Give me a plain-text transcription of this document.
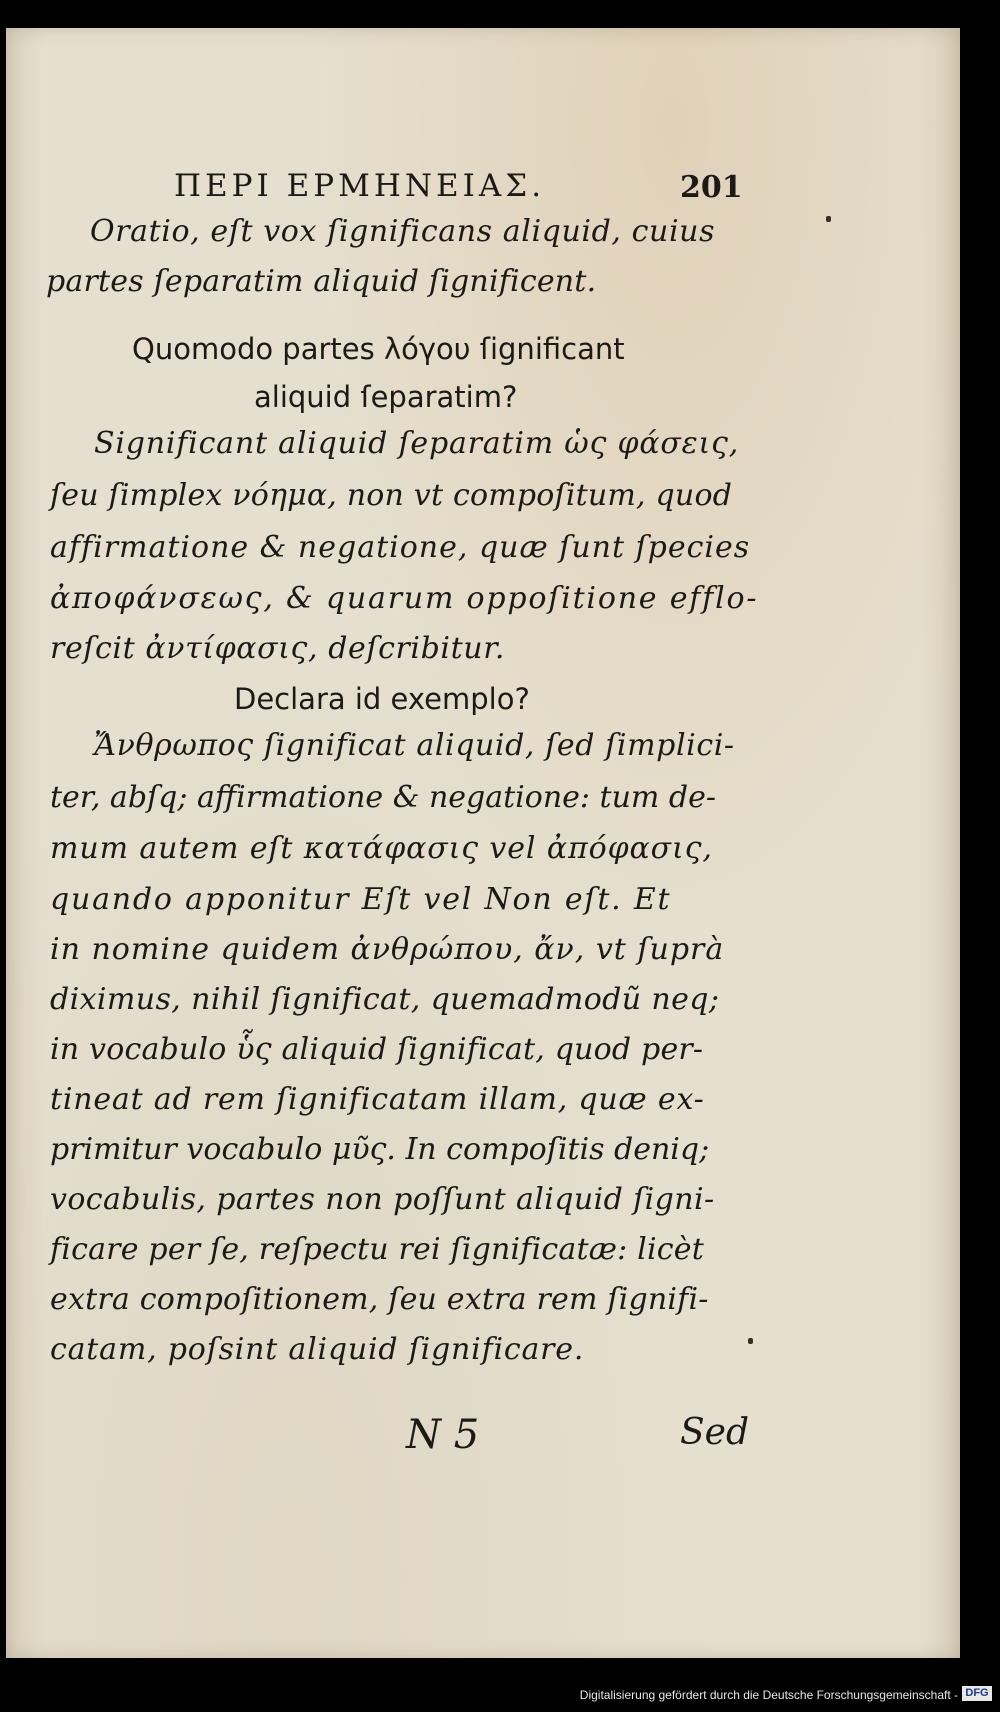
ΠΕΡΙ ΕΡΜΗΝΕΙΑΣ.	201
Oratio, eſt vox ſignificans aliquid, cuius
partes ſeparatim aliquid ſignificent.
Quomodo partes λόγου ſignificant
aliquid ſeparatim?
Significant aliquid ſeparatim ὡς φάσεις,
ſeu ſimplex νόημα, non vt compoſitum, quod
affirmatione & negatione, quæ ſunt ſpecies
ἀποφάνσεως, & quarum oppoſitione efflo-
reſcit ἀντίφασις, deſcribitur.
Declara id exemplo?
Ἄνθρωπος ſignificat aliquid, ſed ſimplici-
ter, abſq; affirmatione & negatione: tum de-
mum autem eſt κατάφασις vel ἀπόφασις,
quando apponitur Eſt vel Non eſt. Et
in nomine quidem ἀνθρώπου, ἄν, vt ſuprà
diximus, nihil ſignificat, quemadmodũ neq;
in vocabulo ὗς aliquid ſignificat, quod per-
tineat ad rem ſignificatam illam, quæ ex-
primitur vocabulo μῦς. In compoſitis deniq;
vocabulis, partes non poſſunt aliquid ſigni-
ficare per ſe, reſpectu rei ſignificatæ: licèt
extra compoſitionem, ſeu extra rem ſignifi-
catam, poſsint aliquid ſignificare.
N 5	Sed
Digitalisierung gefördert durch die Deutsche Forschungsgemeinschaft - DFG
